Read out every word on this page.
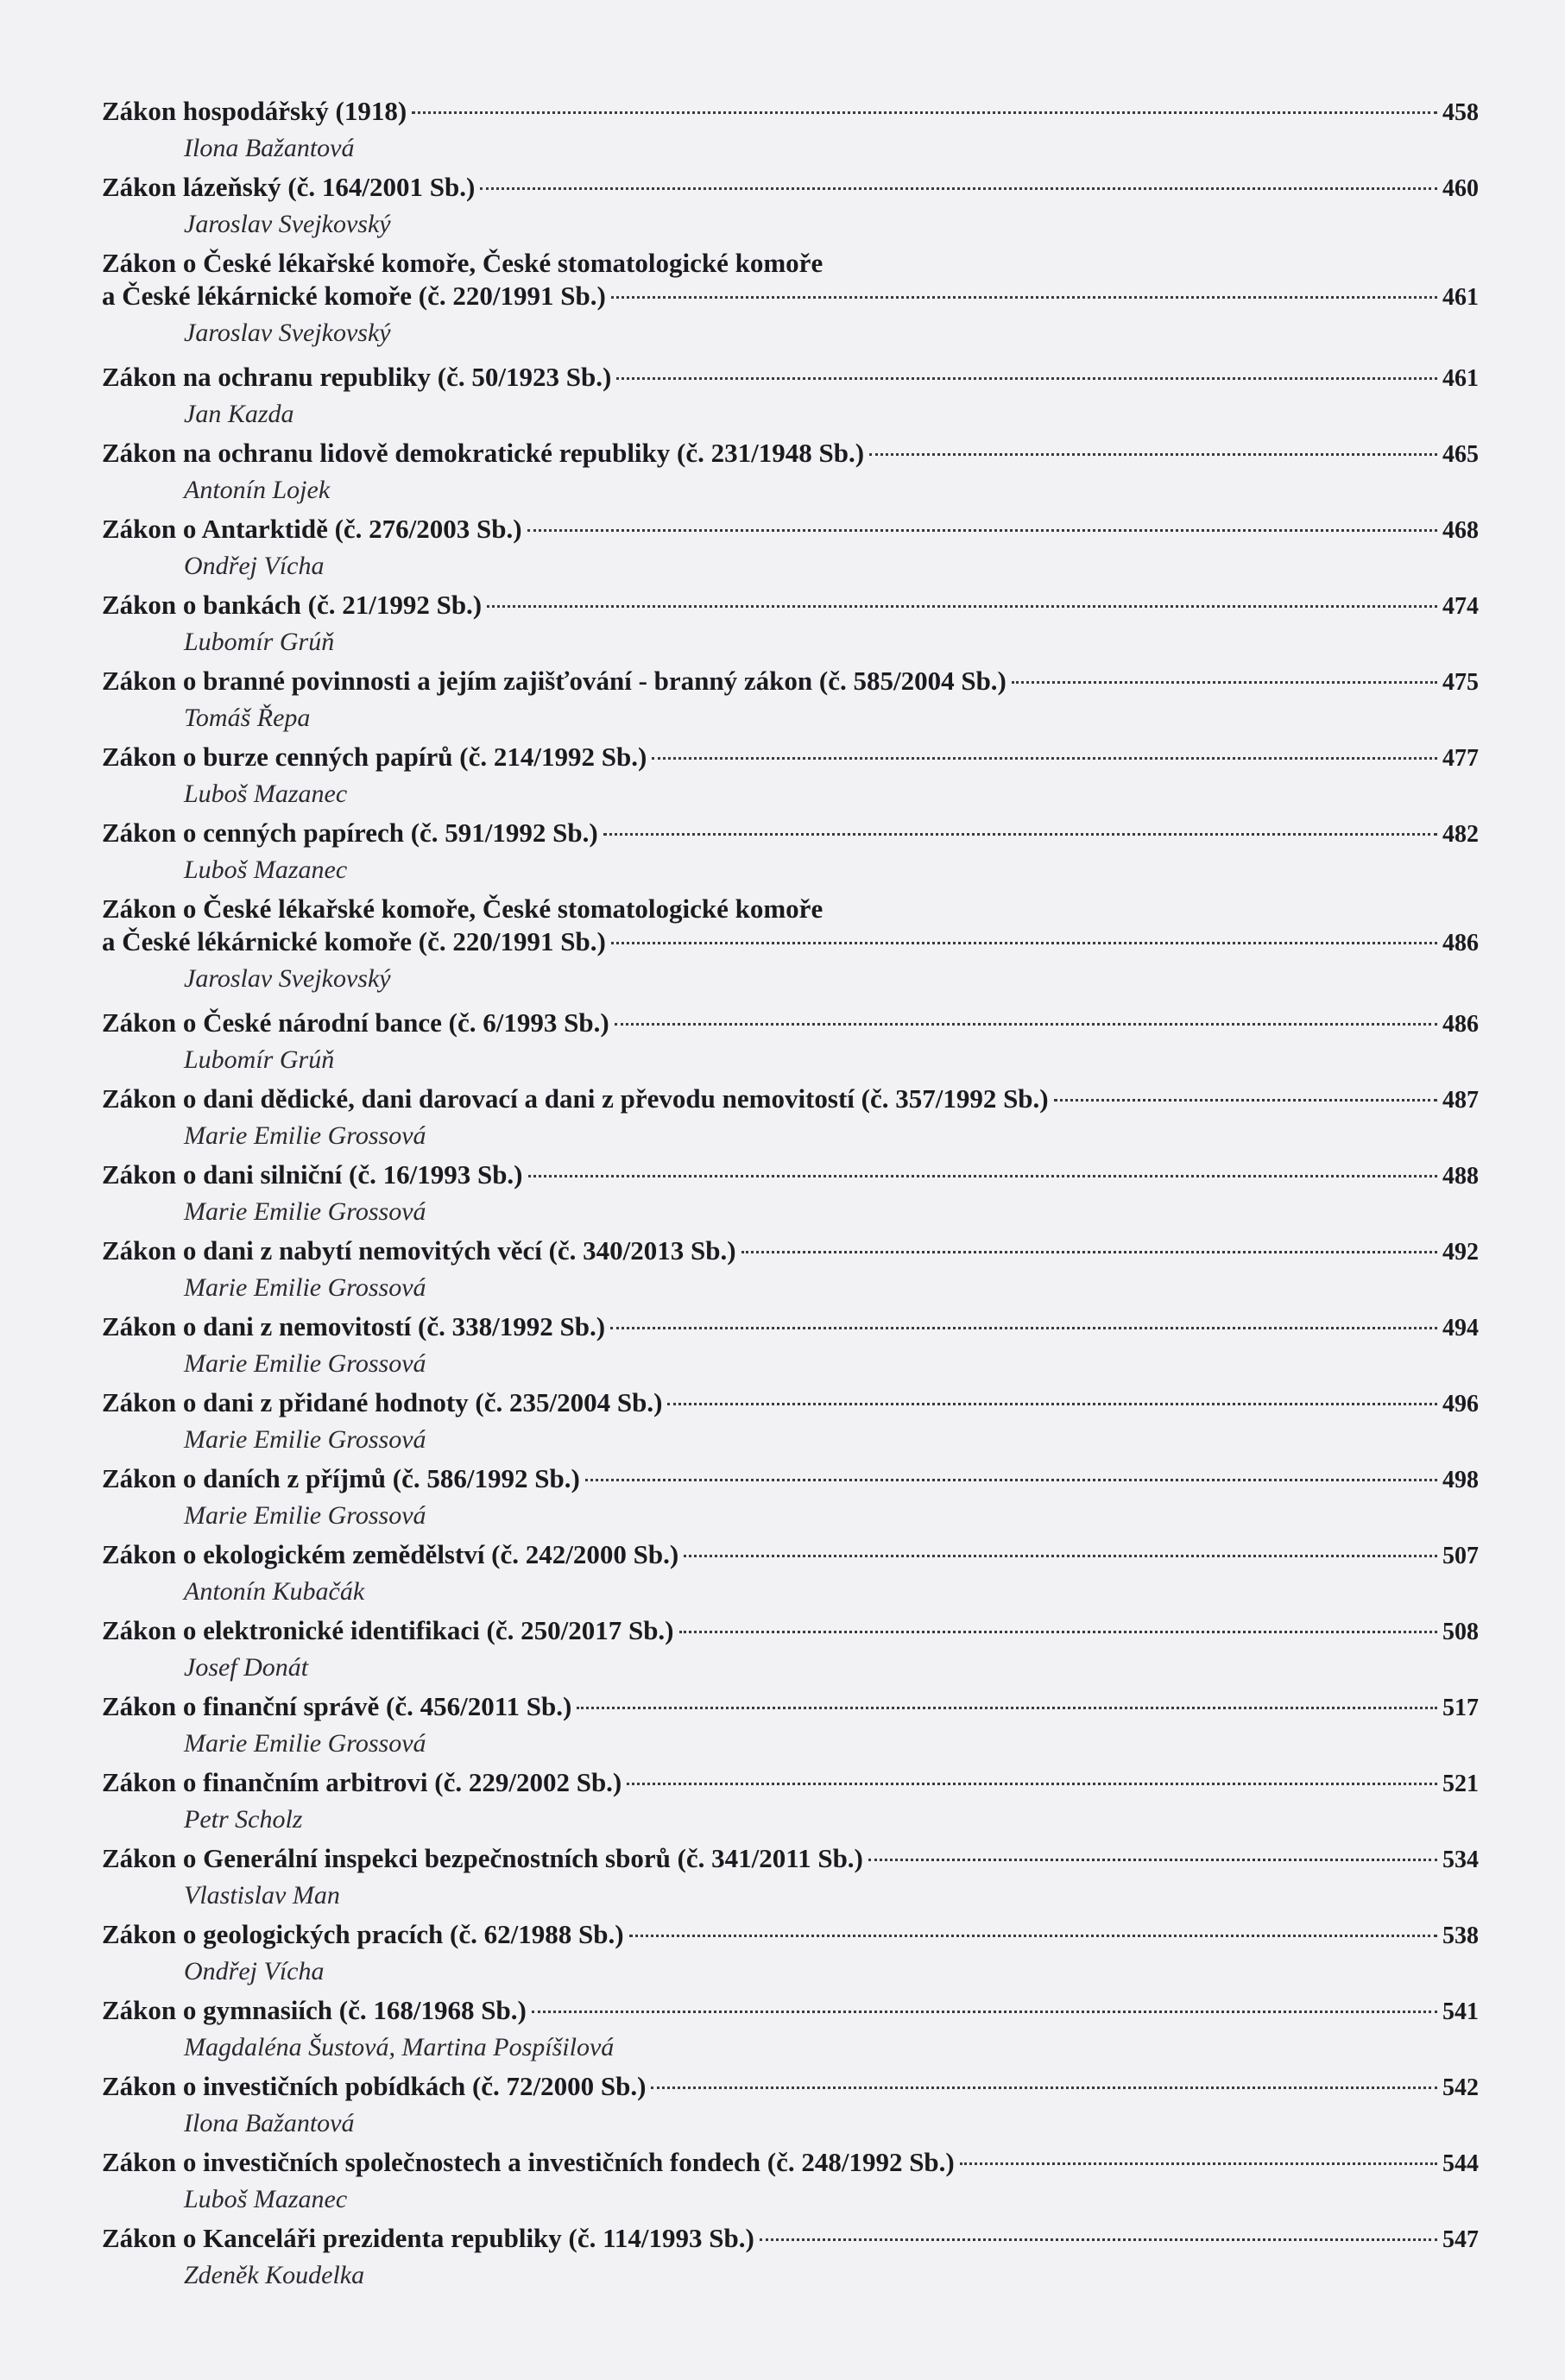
Zákon hospodářský (1918)	458
Ilona Bažantová
Zákon lázeňský (č. 164/2001 Sb.)	460
Jaroslav Svejkovský
Zákon o České lékařské komoře, České stomatologické komoře
a České lékárnické komoře (č. 220/1991 Sb.)	461
Jaroslav Svejkovský
Zákon na ochranu republiky (č. 50/1923 Sb.)	461
Jan Kazda
Zákon na ochranu lidově demokratické republiky (č. 231/1948 Sb.)	465
Antonín Lojek
Zákon o Antarktidě (č. 276/2003 Sb.)	468
Ondřej Vícha
Zákon o bankách (č. 21/1992 Sb.)	474
Lubomír Grúň
Zákon o branné povinnosti a jejím zajišťování - branný zákon (č. 585/2004 Sb.)	475
Tomáš Řepa
Zákon o burze cenných papírů (č. 214/1992 Sb.)	477
Luboš Mazanec
Zákon o cenných papírech (č. 591/1992 Sb.)	482
Luboš Mazanec
Zákon o České lékařské komoře, České stomatologické komoře
a České lékárnické komoře (č. 220/1991 Sb.)	486
Jaroslav Svejkovský
Zákon o České národní bance (č. 6/1993 Sb.)	486
Lubomír Grúň
Zákon o dani dědické, dani darovací a dani z převodu nemovitostí (č. 357/1992 Sb.)	487
Marie Emilie Grossová
Zákon o dani silniční (č. 16/1993 Sb.)	488
Marie Emilie Grossová
Zákon o dani z nabytí nemovitých věcí (č. 340/2013 Sb.)	492
Marie Emilie Grossová
Zákon o dani z nemovitostí (č. 338/1992 Sb.)	494
Marie Emilie Grossová
Zákon o dani z přidané hodnoty (č. 235/2004 Sb.)	496
Marie Emilie Grossová
Zákon o daních z příjmů (č. 586/1992 Sb.)	498
Marie Emilie Grossová
Zákon o ekologickém zemědělství (č. 242/2000 Sb.)	507
Antonín Kubačák
Zákon o elektronické identifikaci (č. 250/2017 Sb.)	508
Josef Donát
Zákon o finanční správě (č. 456/2011 Sb.)	517
Marie Emilie Grossová
Zákon o finančním arbitrovi (č. 229/2002 Sb.)	521
Petr Scholz
Zákon o Generální inspekci bezpečnostních sborů (č. 341/2011 Sb.)	534
Vlastislav Man
Zákon o geologických pracích (č. 62/1988 Sb.)	538
Ondřej Vícha
Zákon o gymnasiích (č. 168/1968 Sb.)	541
Magdaléna Šustová, Martina Pospíšilová
Zákon o investičních pobídkách (č. 72/2000 Sb.)	542
Ilona Bažantová
Zákon o investičních společnostech a investičních fondech (č. 248/1992 Sb.)	544
Luboš Mazanec
Zákon o Kanceláři prezidenta republiky (č. 114/1993 Sb.)	547
Zdeněk Koudelka
